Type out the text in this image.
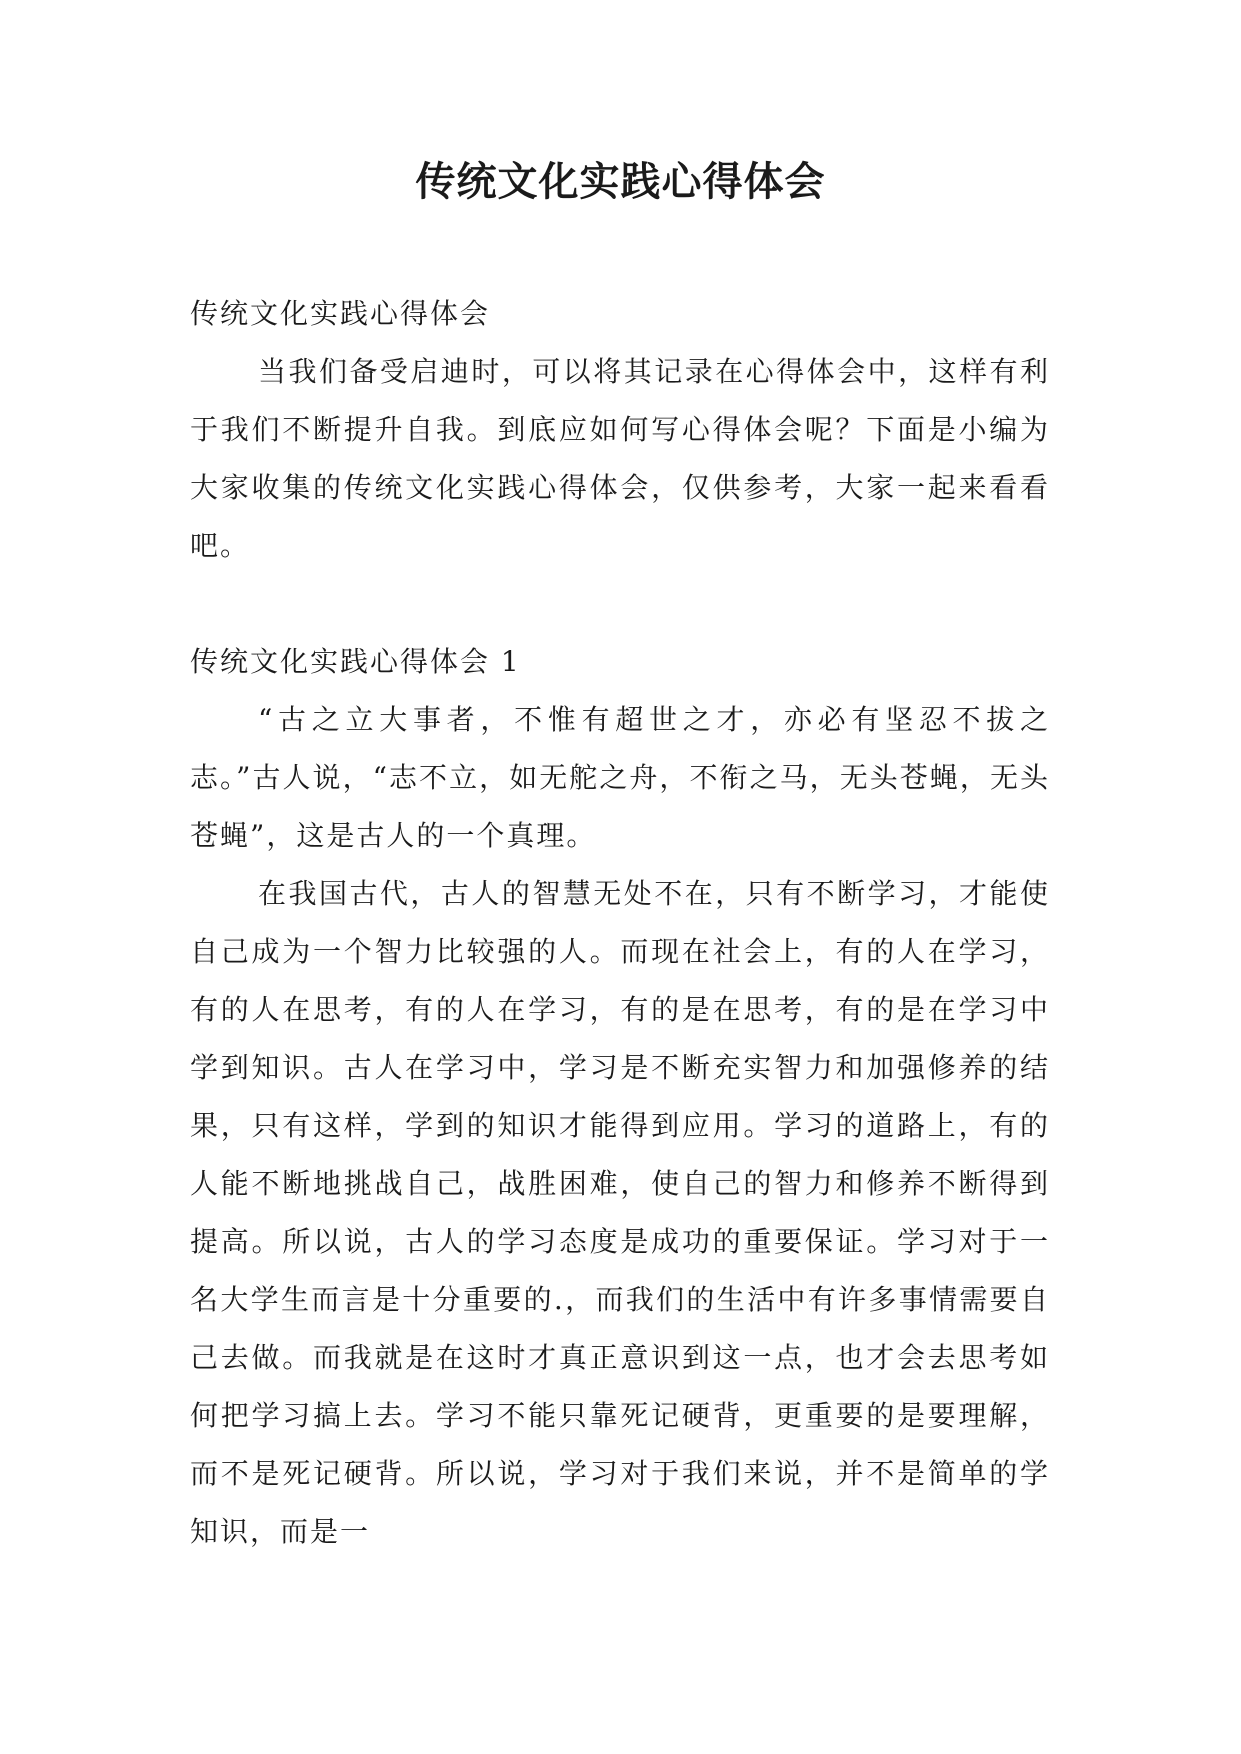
传统文化实践心得体会

传统文化实践心得体会

当我们备受启迪时，可以将其记录在心得体会中，这样有利于我们不断提升自我。到底应如何写心得体会呢？下面是小编为大家收集的传统文化实践心得体会，仅供参考，大家一起来看看吧。

传统文化实践心得体会 1

“古之立大事者，不惟有超世之才，亦必有坚忍不拔之志。”古人说，“志不立，如无舵之舟，不衔之马，无头苍蝇，无头苍蝇”，这是古人的一个真理。

在我国古代，古人的智慧无处不在，只有不断学习，才能使自己成为一个智力比较强的人。而现在社会上，有的人在学习，有的人在思考，有的人在学习，有的是在思考，有的是在学习中学到知识。古人在学习中，学习是不断充实智力和加强修养的结果，只有这样，学到的知识才能得到应用。学习的道路上，有的人能不断地挑战自己，战胜困难，使自己的智力和修养不断得到提高。所以说，古人的学习态度是成功的重要保证。学习对于一名大学生而言是十分重要的.，而我们的生活中有许多事情需要自己去做。而我就是在这时才真正意识到这一点，也才会去思考如何把学习搞上去。学习不能只靠死记硬背，更重要的是要理解，而不是死记硬背。所以说，学习对于我们来说，并不是简单的学知识，而是一
